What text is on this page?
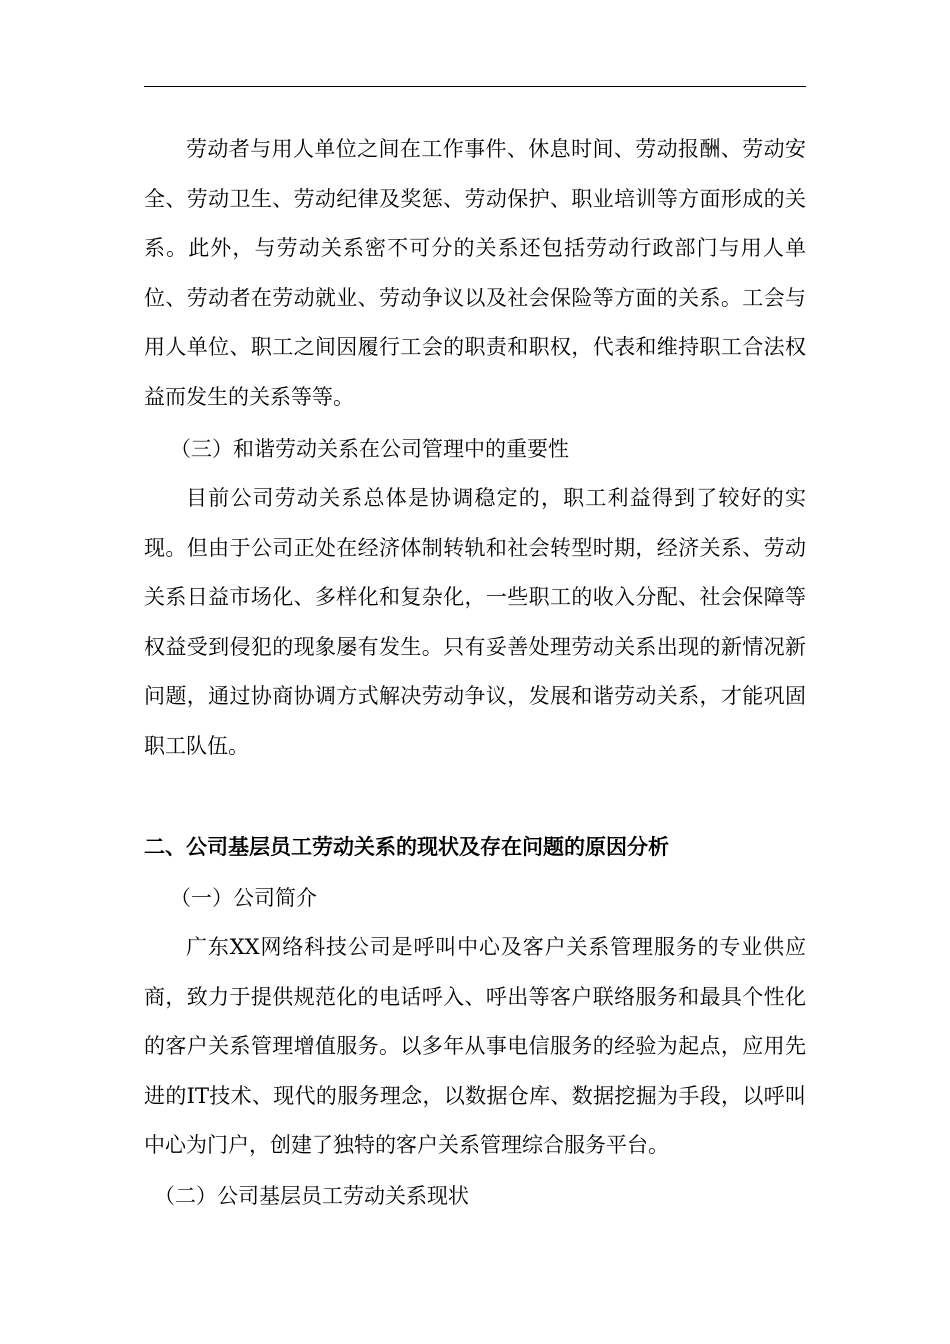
劳动者与用人单位之间在工作事件、休息时间、劳动报酬、劳动安全、劳动卫生、劳动纪律及奖惩、劳动保护、职业培训等方面形成的关系。此外，与劳动关系密不可分的关系还包括劳动行政部门与用人单位、劳动者在劳动就业、劳动争议以及社会保险等方面的关系。工会与用人单位、职工之间因履行工会的职责和职权，代表和维持职工合法权益而发生的关系等等。

（三）和谐劳动关系在公司管理中的重要性

目前公司劳动关系总体是协调稳定的，职工利益得到了较好的实现。但由于公司正处在经济体制转轨和社会转型时期，经济关系、劳动关系日益市场化、多样化和复杂化，一些职工的收入分配、社会保障等权益受到侵犯的现象屡有发生。只有妥善处理劳动关系出现的新情况新问题，通过协商协调方式解决劳动争议，发展和谐劳动关系，才能巩固职工队伍。

二、公司基层员工劳动关系的现状及存在问题的原因分析

（一）公司简介

广东XX网络科技公司是呼叫中心及客户关系管理服务的专业供应商，致力于提供规范化的电话呼入、呼出等客户联络服务和最具个性化的客户关系管理增值服务。以多年从事电信服务的经验为起点，应用先进的IT技术、现代的服务理念，以数据仓库、数据挖掘为手段，以呼叫中心为门户，创建了独特的客户关系管理综合服务平台。

（二）公司基层员工劳动关系现状
